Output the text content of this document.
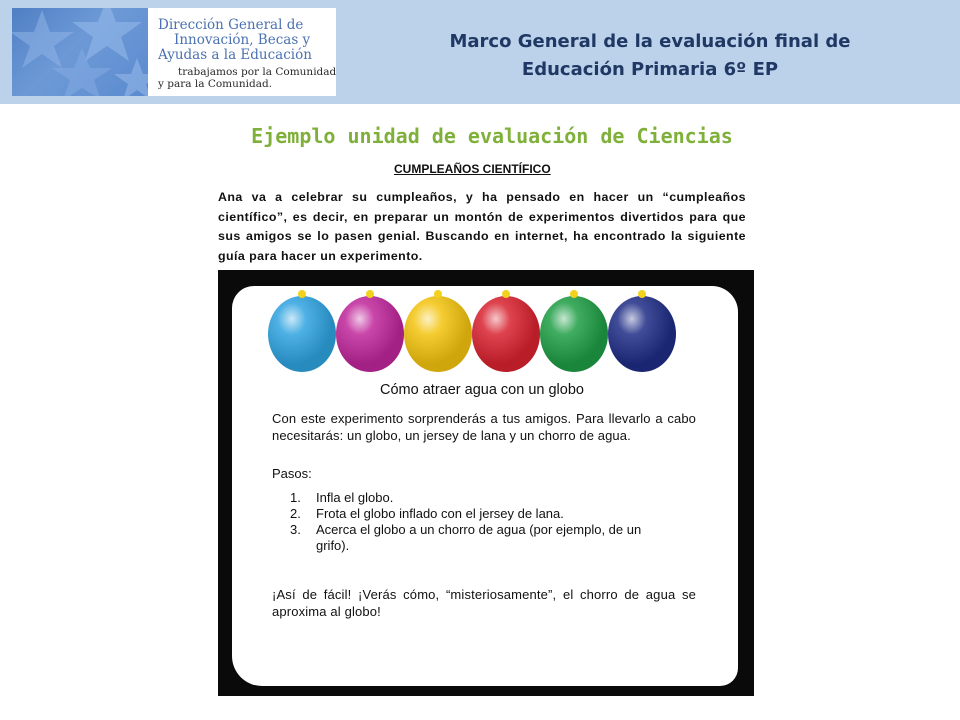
Dirección General de
Innovación, Becas y
Ayudas a la Educación
trabajamos por la Comunidad
y para la Comunidad.
Marco General de la evaluación final de
Educación Primaria 6º EP
Ejemplo unidad de evaluación de Ciencias
CUMPLEAÑOS CIENTÍFICO
Ana va a celebrar su cumpleaños, y ha pensado en hacer un “cumpleaños científico”, es decir, en preparar un montón de experimentos divertidos para que sus amigos se lo pasen genial. Buscando en internet, ha encontrado la siguiente guía para hacer un experimento.
Cómo atraer agua con un globo
Con este experimento sorprenderás a tus amigos. Para llevarlo a cabo necesitarás: un globo, un jersey de lana y un chorro de agua.
Pasos:
1. Infla el globo.
2. Frota el globo inflado con el jersey de lana.
3. Acerca el globo a un chorro de agua (por ejemplo, de un grifo).
¡Así de fácil! ¡Verás cómo, “misteriosamente”, el chorro de agua se aproxima al globo!
